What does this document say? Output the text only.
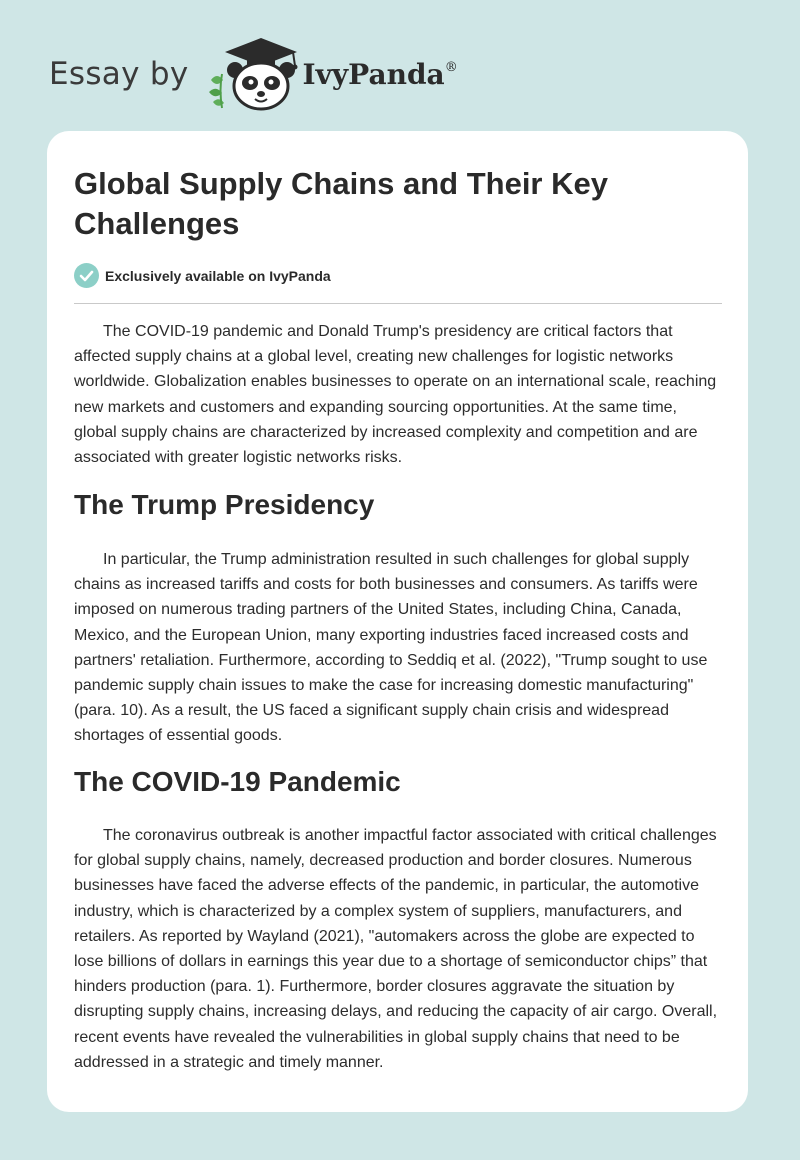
Essay by	IvyPanda®
Global Supply Chains and Their Key Challenges
Exclusively available on IvyPanda

The COVID-19 pandemic and Donald Trump's presidency are critical factors that affected supply chains at a global level, creating new challenges for logistic networks worldwide. Globalization enables businesses to operate on an international scale, reaching new markets and customers and expanding sourcing opportunities. At the same time, global supply chains are characterized by increased complexity and competition and are associated with greater logistic networks risks.

The Trump Presidency

In particular, the Trump administration resulted in such challenges for global supply chains as increased tariffs and costs for both businesses and consumers. As tariffs were imposed on numerous trading partners of the United States, including China, Canada, Mexico, and the European Union, many exporting industries faced increased costs and partners' retaliation. Furthermore, according to Seddiq et al. (2022), "Trump sought to use pandemic supply chain issues to make the case for increasing domestic manufacturing" (para. 10). As a result, the US faced a significant supply chain crisis and widespread shortages of essential goods.

The COVID-19 Pandemic

The coronavirus outbreak is another impactful factor associated with critical challenges for global supply chains, namely, decreased production and border closures. Numerous businesses have faced the adverse effects of the pandemic, in particular, the automotive industry, which is characterized by a complex system of suppliers, manufacturers, and retailers. As reported by Wayland (2021), "automakers across the globe are expected to lose billions of dollars in earnings this year due to a shortage of semiconductor chips” that hinders production (para. 1). Furthermore, border closures aggravate the situation by disrupting supply chains, increasing delays, and reducing the capacity of air cargo. Overall, recent events have revealed the vulnerabilities in global supply chains that need to be addressed in a strategic and timely manner.
